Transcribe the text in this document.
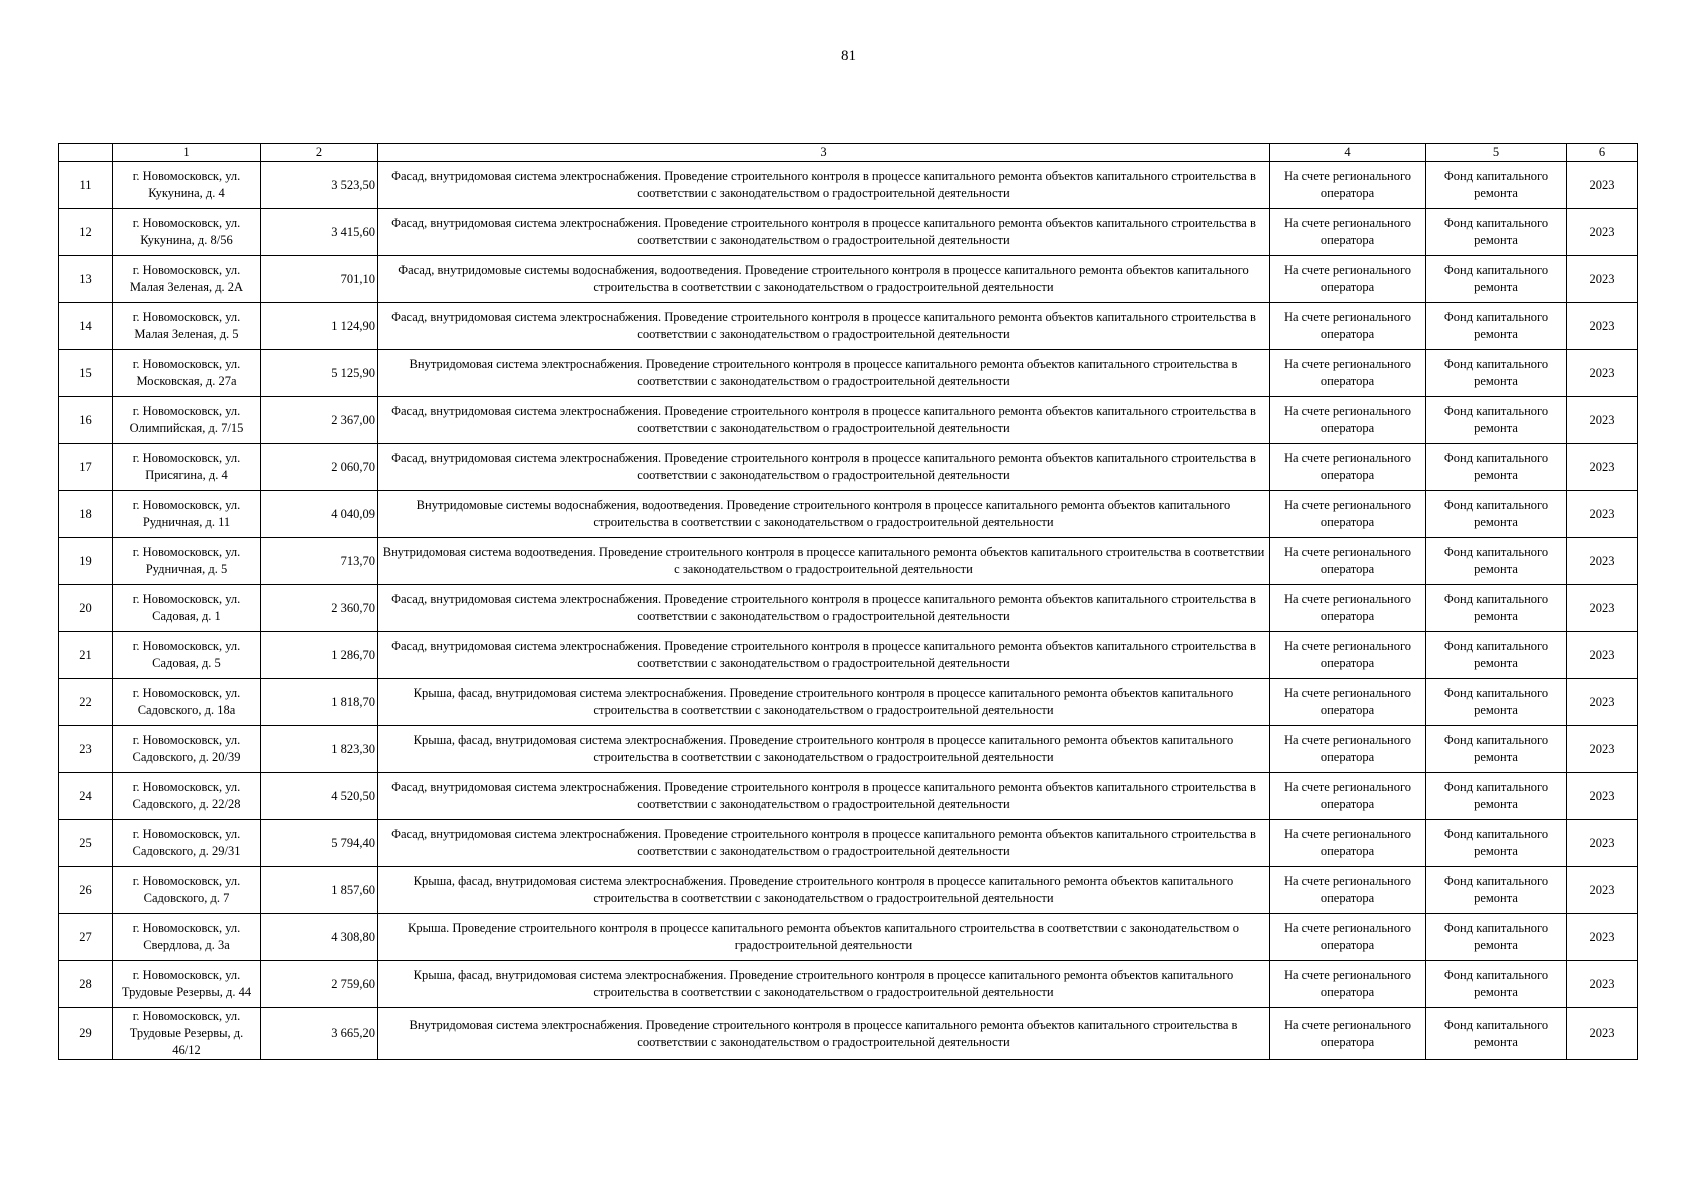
81
	1	2	3	4	5	6
11	г. Новомосковск, ул. Кукунина, д. 4	3 523,50	Фасад, внутридомовая система электроснабжения. Проведение строительного контроля в процессе капитального ремонта объектов капитального строительства в соответствии с законодательством о градостроительной деятельности	На счете регионального оператора	Фонд капитального ремонта	2023
12	г. Новомосковск, ул. Кукунина, д. 8/56	3 415,60	Фасад, внутридомовая система электроснабжения. Проведение строительного контроля в процессе капитального ремонта объектов капитального строительства в соответствии с законодательством о градостроительной деятельности	На счете регионального оператора	Фонд капитального ремонта	2023
13	г. Новомосковск, ул. Малая Зеленая, д. 2А	701,10	Фасад, внутридомовые системы водоснабжения, водоотведения. Проведение строительного контроля в процессе капитального ремонта объектов капитального строительства в соответствии с законодательством о градостроительной деятельности	На счете регионального оператора	Фонд капитального ремонта	2023
14	г. Новомосковск, ул. Малая Зеленая, д. 5	1 124,90	Фасад, внутридомовая система электроснабжения. Проведение строительного контроля в процессе капитального ремонта объектов капитального строительства в соответствии с законодательством о градостроительной деятельности	На счете регионального оператора	Фонд капитального ремонта	2023
15	г. Новомосковск, ул. Московская, д. 27а	5 125,90	Внутридомовая система электроснабжения. Проведение строительного контроля в процессе капитального ремонта объектов капитального строительства в соответствии с законодательством о градостроительной деятельности	На счете регионального оператора	Фонд капитального ремонта	2023
16	г. Новомосковск, ул. Олимпийская, д. 7/15	2 367,00	Фасад, внутридомовая система электроснабжения. Проведение строительного контроля в процессе капитального ремонта объектов капитального строительства в соответствии с законодательством о градостроительной деятельности	На счете регионального оператора	Фонд капитального ремонта	2023
17	г. Новомосковск, ул. Присягина, д. 4	2 060,70	Фасад, внутридомовая система электроснабжения. Проведение строительного контроля в процессе капитального ремонта объектов капитального строительства в соответствии с законодательством о градостроительной деятельности	На счете регионального оператора	Фонд капитального ремонта	2023
18	г. Новомосковск, ул. Рудничная, д. 11	4 040,09	Внутридомовые системы водоснабжения, водоотведения. Проведение строительного контроля в процессе капитального ремонта объектов капитального строительства в соответствии с законодательством о градостроительной деятельности	На счете регионального оператора	Фонд капитального ремонта	2023
19	г. Новомосковск, ул. Рудничная, д. 5	713,70	Внутридомовая система водоотведения. Проведение строительного контроля в процессе капитального ремонта объектов капитального строительства в соответствии с законодательством о градостроительной деятельности	На счете регионального оператора	Фонд капитального ремонта	2023
20	г. Новомосковск, ул. Садовая, д. 1	2 360,70	Фасад, внутридомовая система электроснабжения. Проведение строительного контроля в процессе капитального ремонта объектов капитального строительства в соответствии с законодательством о градостроительной деятельности	На счете регионального оператора	Фонд капитального ремонта	2023
21	г. Новомосковск, ул. Садовая, д. 5	1 286,70	Фасад, внутридомовая система электроснабжения. Проведение строительного контроля в процессе капитального ремонта объектов капитального строительства в соответствии с законодательством о градостроительной деятельности	На счете регионального оператора	Фонд капитального ремонта	2023
22	г. Новомосковск, ул. Садовского, д. 18а	1 818,70	Крыша, фасад, внутридомовая система электроснабжения. Проведение строительного контроля в процессе капитального ремонта объектов капитального строительства в соответствии с законодательством о градостроительной деятельности	На счете регионального оператора	Фонд капитального ремонта	2023
23	г. Новомосковск, ул. Садовского, д. 20/39	1 823,30	Крыша, фасад, внутридомовая система электроснабжения. Проведение строительного контроля в процессе капитального ремонта объектов капитального строительства в соответствии с законодательством о градостроительной деятельности	На счете регионального оператора	Фонд капитального ремонта	2023
24	г. Новомосковск, ул. Садовского, д. 22/28	4 520,50	Фасад, внутридомовая система электроснабжения. Проведение строительного контроля в процессе капитального ремонта объектов капитального строительства в соответствии с законодательством о градостроительной деятельности	На счете регионального оператора	Фонд капитального ремонта	2023
25	г. Новомосковск, ул. Садовского, д. 29/31	5 794,40	Фасад, внутридомовая система электроснабжения. Проведение строительного контроля в процессе капитального ремонта объектов капитального строительства в соответствии с законодательством о градостроительной деятельности	На счете регионального оператора	Фонд капитального ремонта	2023
26	г. Новомосковск, ул. Садовского, д. 7	1 857,60	Крыша, фасад, внутридомовая система электроснабжения. Проведение строительного контроля в процессе капитального ремонта объектов капитального строительства в соответствии с законодательством о градостроительной деятельности	На счете регионального оператора	Фонд капитального ремонта	2023
27	г. Новомосковск, ул. Свердлова, д. 3а	4 308,80	Крыша. Проведение строительного контроля в процессе капитального ремонта объектов капитального строительства в соответствии с законодательством о градостроительной деятельности	На счете регионального оператора	Фонд капитального ремонта	2023
28	г. Новомосковск, ул. Трудовые Резервы, д. 44	2 759,60	Крыша, фасад, внутридомовая система электроснабжения. Проведение строительного контроля в процессе капитального ремонта объектов капитального строительства в соответствии с законодательством о градостроительной деятельности	На счете регионального оператора	Фонд капитального ремонта	2023
29	г. Новомосковск, ул. Трудовые Резервы, д. 46/12	3 665,20	Внутридомовая система электроснабжения. Проведение строительного контроля в процессе капитального ремонта объектов капитального строительства в соответствии с законодательством о градостроительной деятельности	На счете регионального оператора	Фонд капитального ремонта	2023
